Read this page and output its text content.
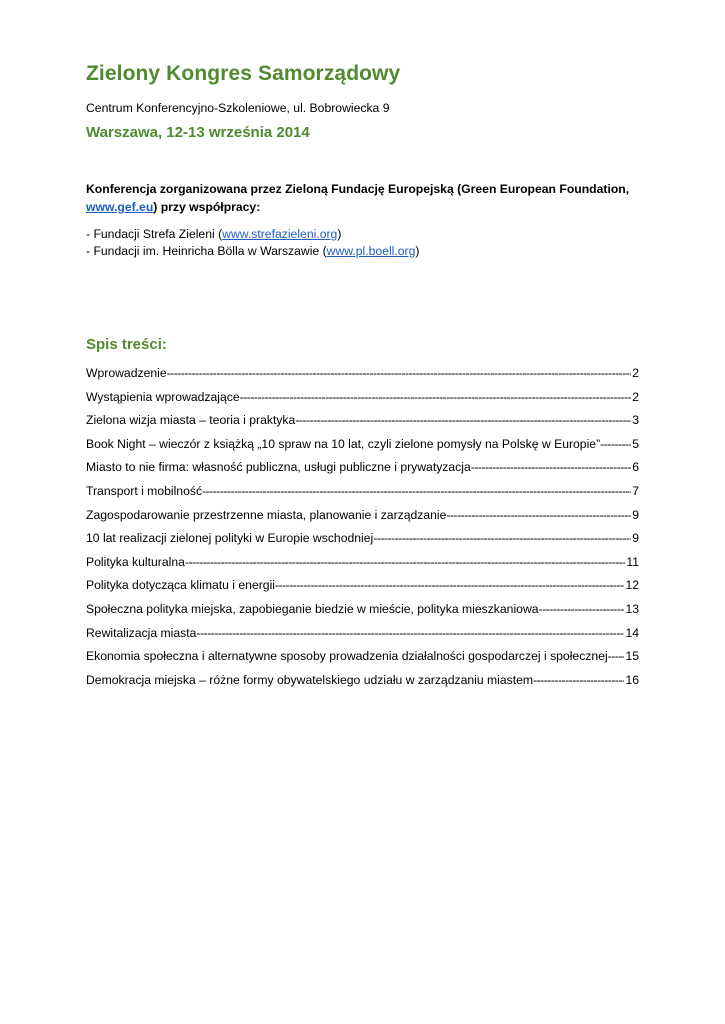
Zielony Kongres Samorządowy
Centrum Konferencyjno-Szkoleniowe, ul. Bobrowiecka 9
Warszawa, 12-13 września 2014
Konferencja zorganizowana przez Zieloną Fundację Europejską (Green European Foundation, www.gef.eu) przy współpracy:
- Fundacji Strefa Zieleni (www.strefazieleni.org)
- Fundacji im. Heinricha Bölla w Warszawie (www.pl.boell.org)
Spis treści:
Wprowadzenie -----	2
Wystąpienia wprowadzające -----	2
Zielona wizja miasta – teoria i praktyka -----	3
Book Night – wieczór z książką „10 spraw na 10 lat, czyli zielone pomysły na Polskę w Europie” -----	5
Miasto to nie firma: własność publiczna, usługi publiczne i prywatyzacja -----	6
Transport i mobilność -----	7
Zagospodarowanie przestrzenne miasta, planowanie i zarządzanie -----	9
10 lat realizacji zielonej polityki w Europie wschodniej -----	9
Polityka kulturalna -----	11
Polityka dotycząca klimatu i energii -----	12
Społeczna polityka miejska, zapobieganie biedzie w mieście, polityka mieszkaniowa -----	13
Rewitalizacja miasta -----	14
Ekonomia społeczna i alternatywne sposoby prowadzenia działalności gospodarczej i społecznej ----- 15
Demokracja miejska – różne formy obywatelskiego udziału w zarządzaniu miastem -----	16
